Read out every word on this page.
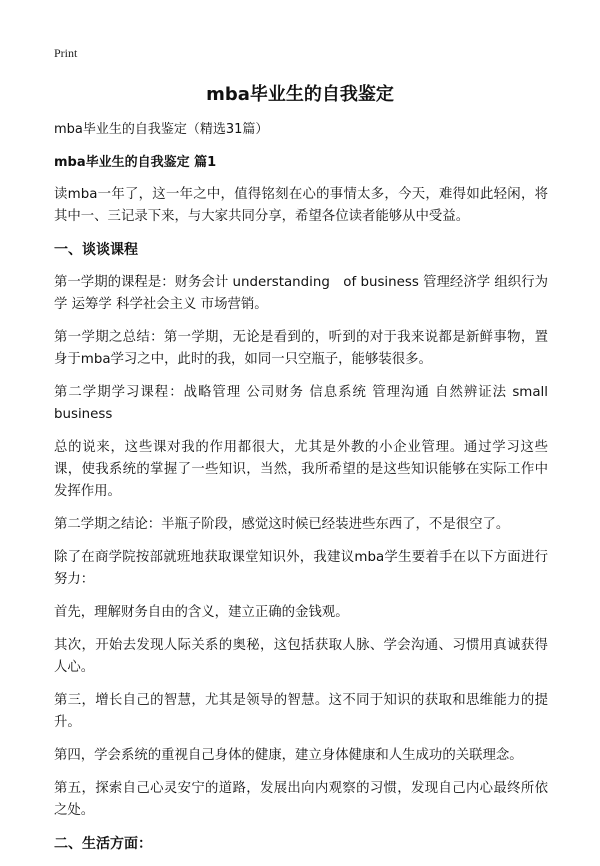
Print
mba毕业生的自我鉴定
mba毕业生的自我鉴定（精选31篇）
mba毕业生的自我鉴定 篇1
读mba一年了，这一年之中，值得铭刻在心的事情太多，今天，难得如此轻闲，将其中一、三记录下来，与大家共同分享，希望各位读者能够从中受益。
一、谈谈课程
第一学期的课程是：财务会计 understanding　of business 管理经济学 组织行为学 运筹学 科学社会主义 市场营销。
第一学期之总结：第一学期，无论是看到的，听到的对于我来说都是新鲜事物，置身于mba学习之中，此时的我，如同一只空瓶子，能够装很多。
第二学期学习课程：战略管理 公司财务 信息系统 管理沟通 自然辨证法 small business
总的说来，这些课对我的作用都很大，尤其是外教的小企业管理。通过学习这些课，使我系统的掌握了一些知识，当然，我所希望的是这些知识能够在实际工作中发挥作用。
第二学期之结论：半瓶子阶段，感觉这时候已经装进些东西了，不是很空了。
除了在商学院按部就班地获取课堂知识外，我建议mba学生要着手在以下方面进行努力：
首先，理解财务自由的含义，建立正确的金钱观。
其次，开始去发现人际关系的奥秘，这包括获取人脉、学会沟通、习惯用真诚获得人心。
第三，增长自己的智慧，尤其是领导的智慧。这不同于知识的获取和思维能力的提升。
第四，学会系统的重视自己身体的健康，建立身体健康和人生成功的关联理念。
第五，探索自己心灵安宁的道路，发展出向内观察的习惯，发现自己内心最终所依之处。
二、生活方面：
